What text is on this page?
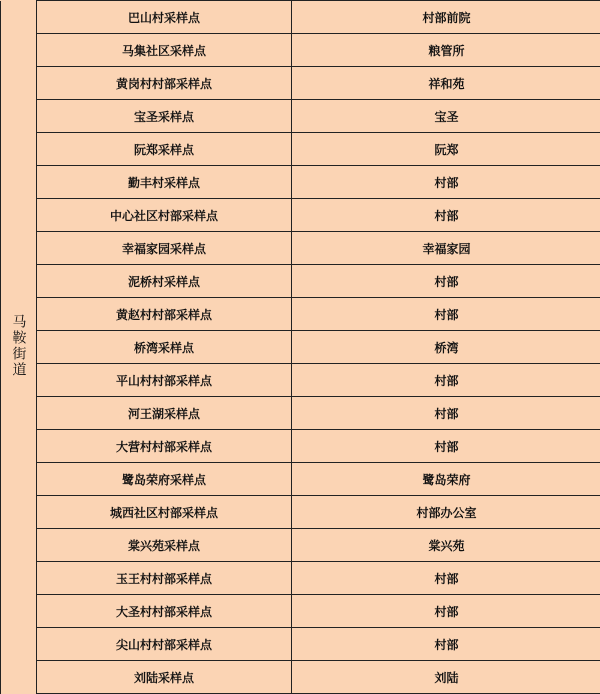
马鞍街道	巴山村采样点	村部前院
	马集社区采样点	粮管所
	黄岗村村部采样点	祥和苑
	宝圣采样点	宝圣
	阮郑采样点	阮郑
	勤丰村采样点	村部
	中心社区村部采样点	村部
	幸福家园采样点	幸福家园
	泥桥村采样点	村部
	黄赵村村部采样点	村部
	桥湾采样点	桥湾
	平山村村部采样点	村部
	河王湖采样点	村部
	大营村村部采样点	村部
	鹭岛荣府采样点	鹭岛荣府
	城西社区村部采样点	村部办公室
	棠兴苑采样点	棠兴苑
	玉王村村部采样点	村部
	大圣村村部采样点	村部
	尖山村村部采样点	村部
	刘陆采样点	刘陆
